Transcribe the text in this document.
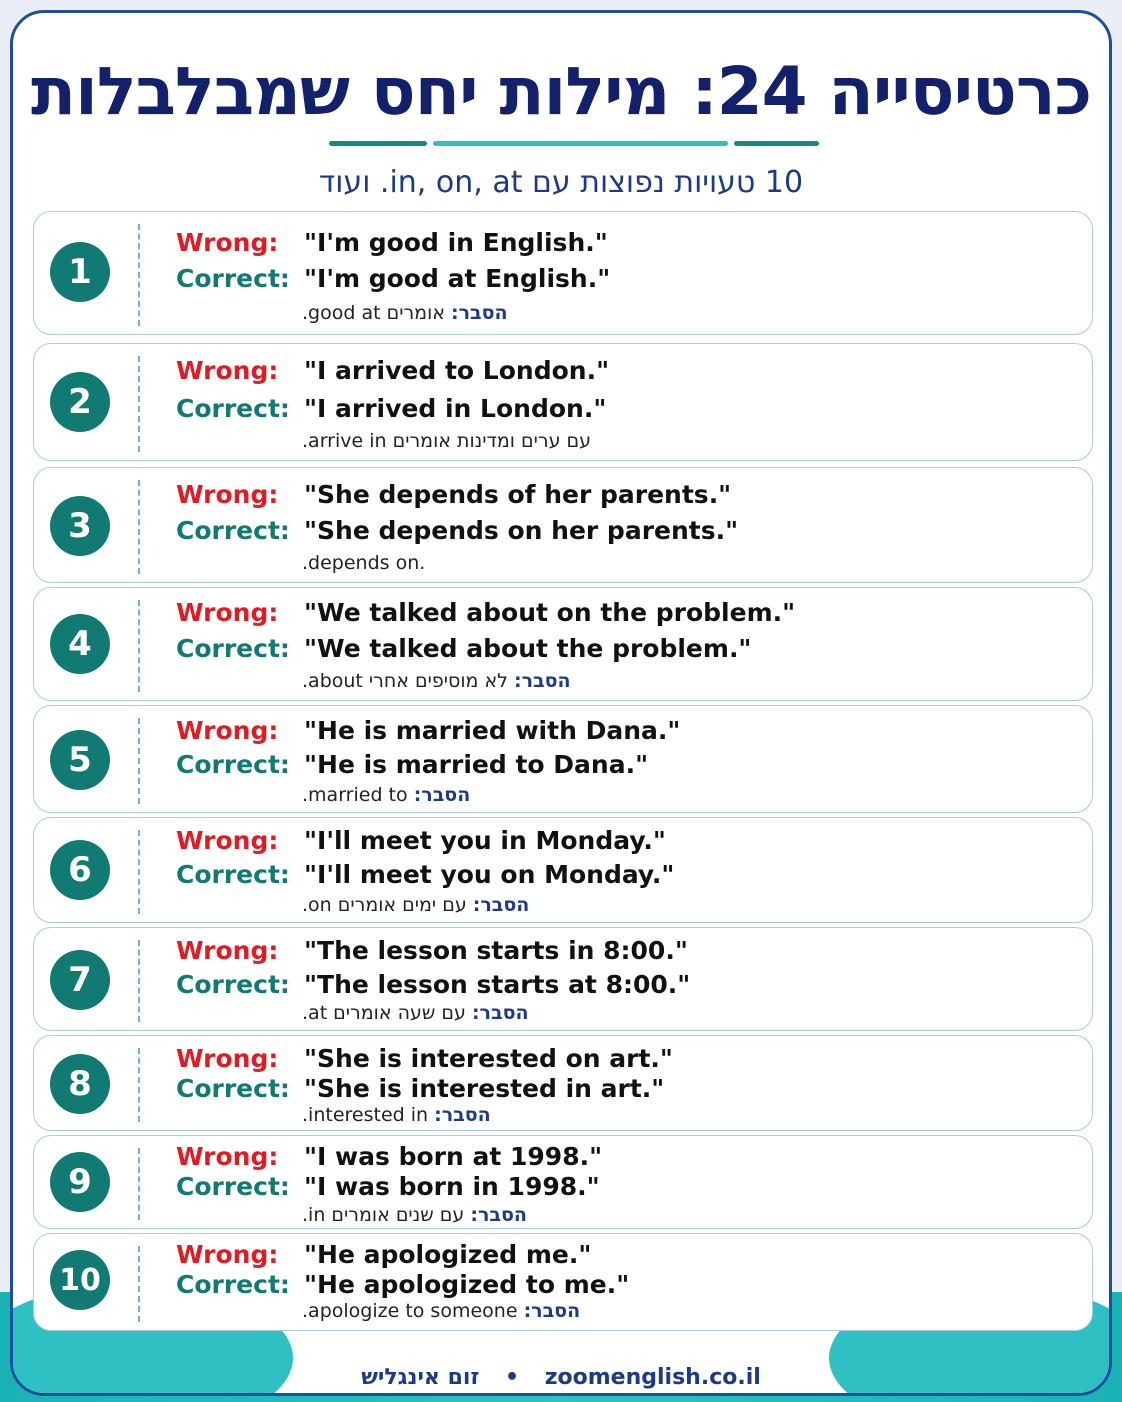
כרטיסייה 24: מילות יחס שמבלבלות
10 טעויות נפוצות עם in, on, at. ועוד
1
Wrong: "I'm good in English."
Correct: "I'm good at English."
הסבר: אומרים good at.
2
Wrong: "I arrived to London."
Correct: "I arrived in London."
עם ערים ומדינות אומרים arrive in.
3
Wrong: "She depends of her parents."
Correct: "She depends on her parents."
.depends on.
4
Wrong: "We talked about on the problem."
Correct: "We talked about the problem."
הסבר: לא מוסיפים אחרי about.
5
Wrong: "He is married with Dana."
Correct: "He is married to Dana."
הסבר: married to.
6
Wrong: "I'll meet you in Monday."
Correct: "I'll meet you on Monday."
הסבר: עם ימים אומרים on.
7
Wrong: "The lesson starts in 8:00."
Correct: "The lesson starts at 8:00."
הסבר: עם שעה אומרים at.
8
Wrong: "She is interested on art."
Correct: "She is interested in art."
הסבר: interested in.
9
Wrong: "I was born at 1998."
Correct: "I was born in 1998."
הסבר: עם שנים אומרים in.
10
Wrong: "He apologized me."
Correct: "He apologized to me."
הסבר: apologize to someone.
זום אינגליש • zoomenglish.co.il
